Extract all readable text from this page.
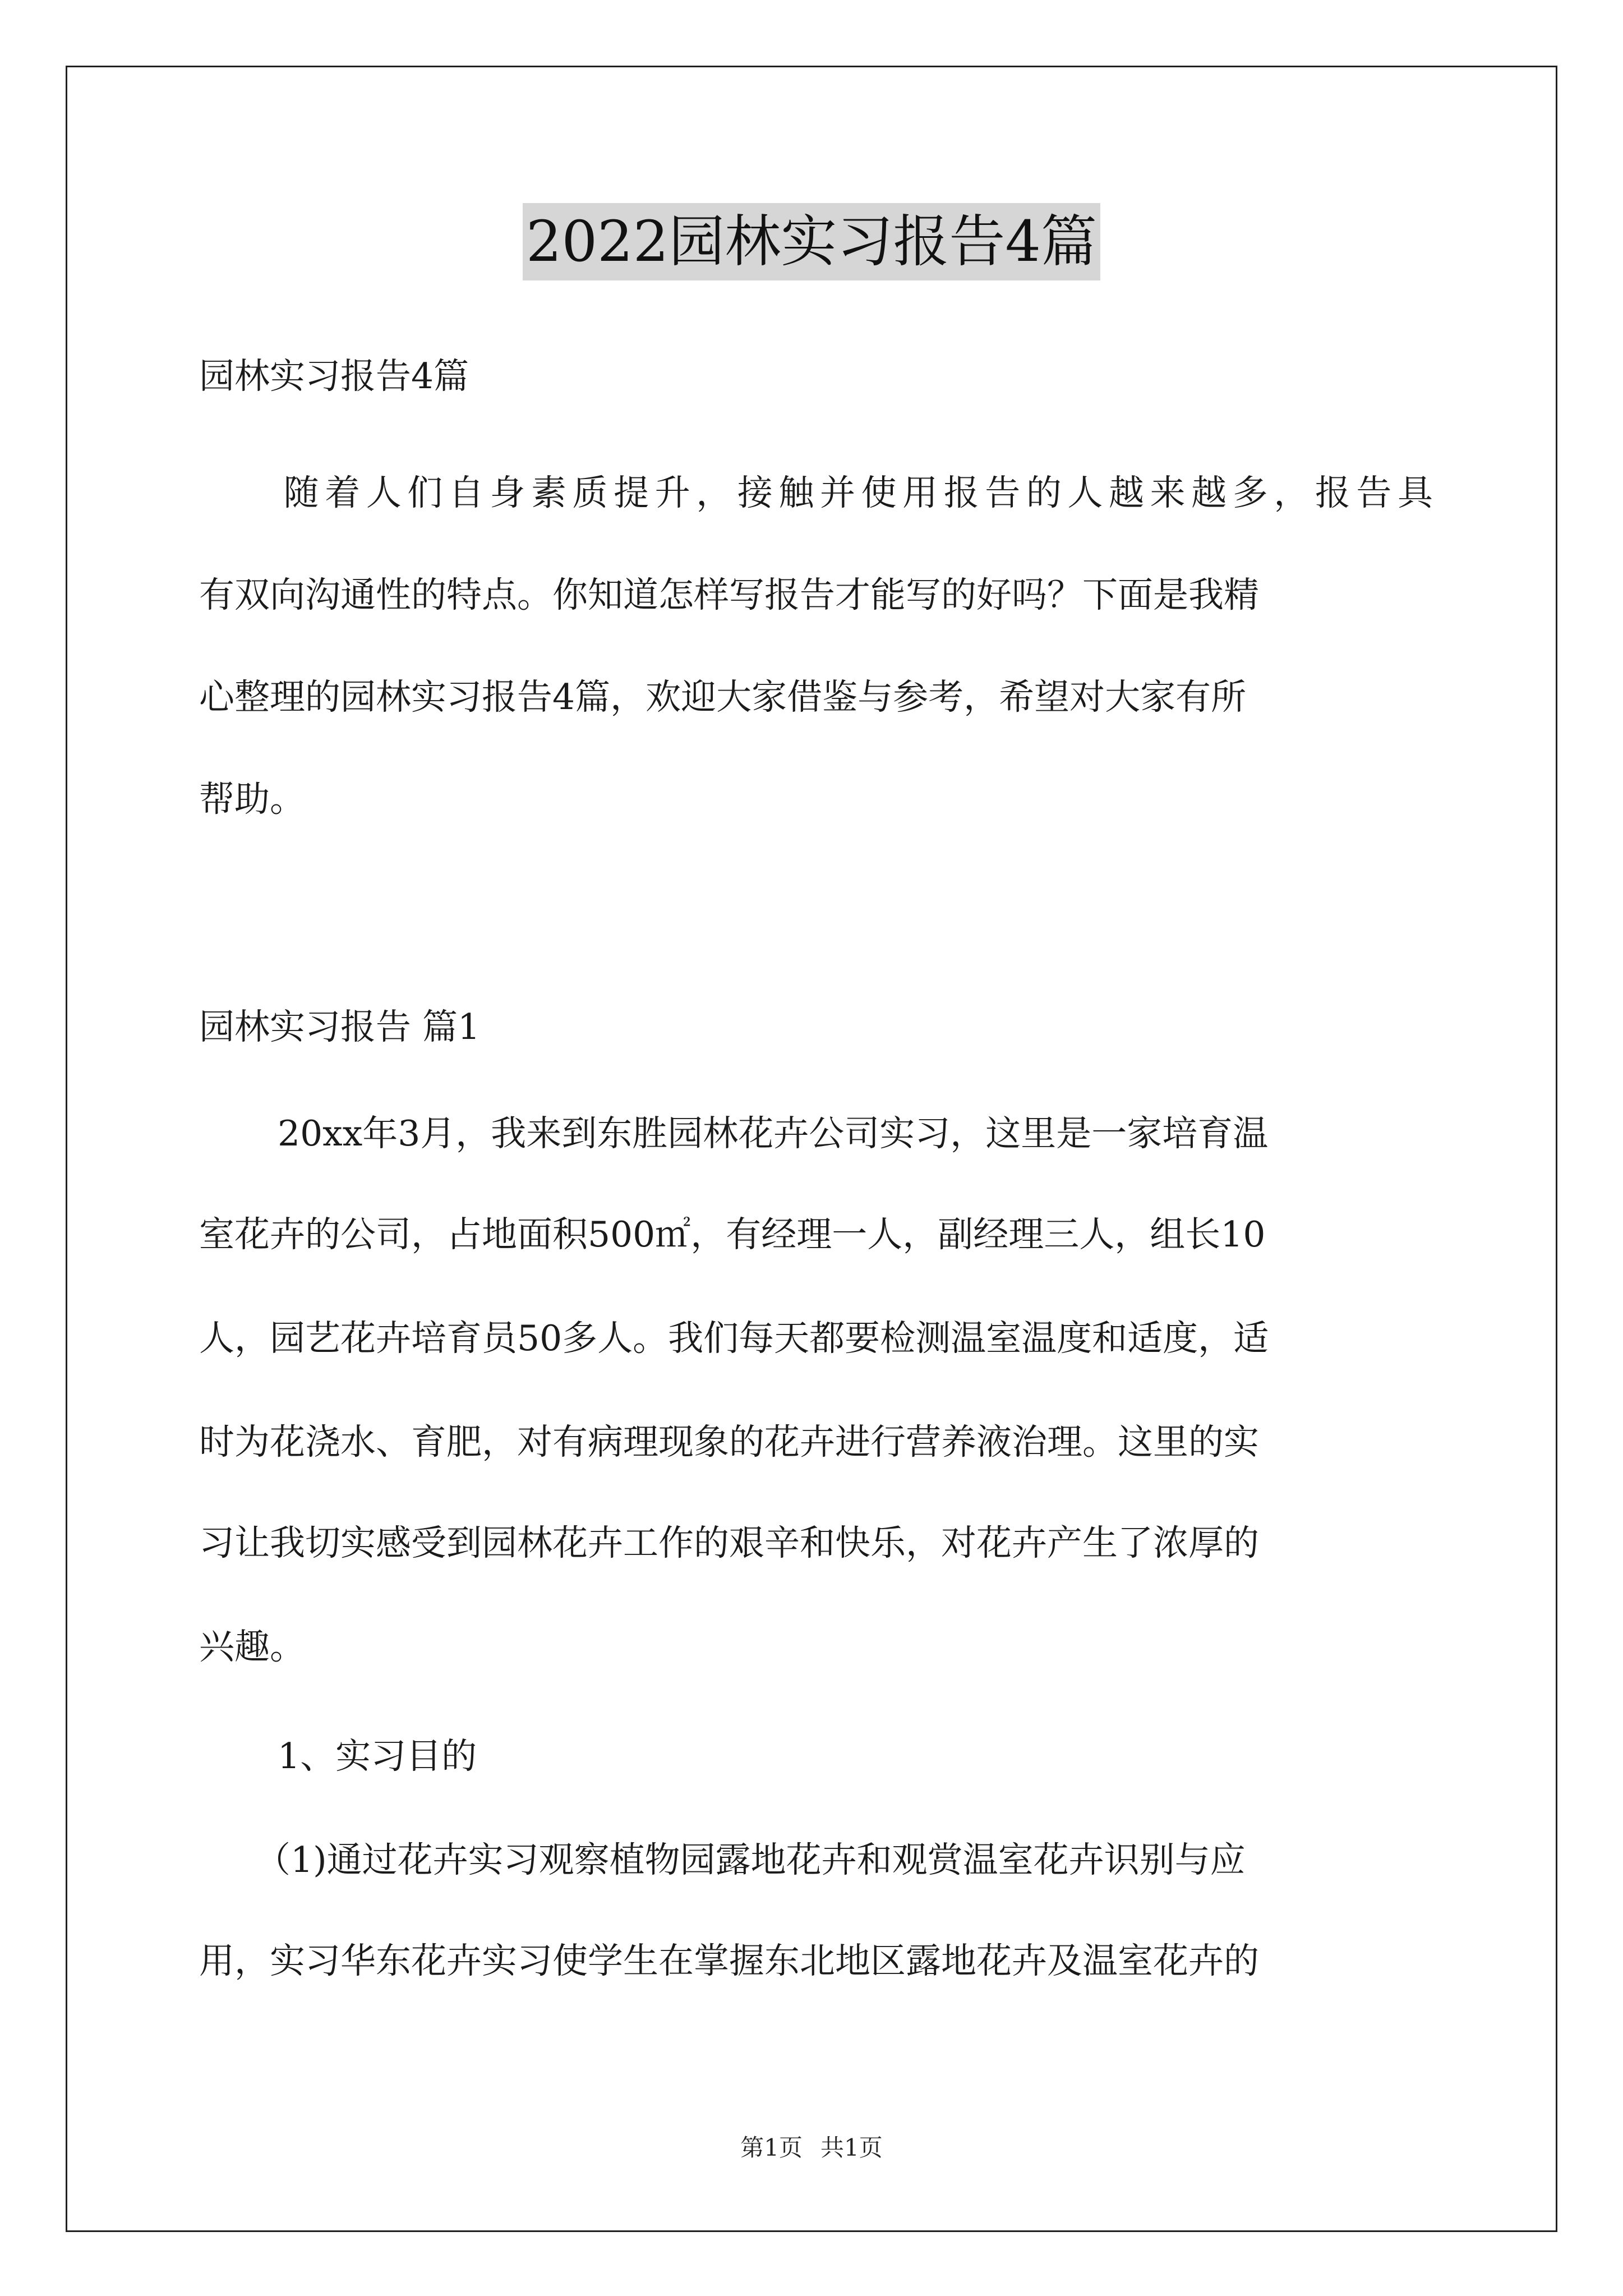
2022园林实习报告4篇
园林实习报告4篇
随着人们自身素质提升，接触并使用报告的人越来越多，报告具
有双向沟通性的特点。你知道怎样写报告才能写的好吗？下面是我精
心整理的园林实习报告4篇，欢迎大家借鉴与参考，希望对大家有所
帮助。
园林实习报告 篇1
20xx年3月，我来到东胜园林花卉公司实习，这里是一家培育温
室花卉的公司，占地面积500㎡，有经理一人，副经理三人，组长10
人，园艺花卉培育员50多人。我们每天都要检测温室温度和适度，适
时为花浇水、育肥，对有病理现象的花卉进行营养液治理。这里的实
习让我切实感受到园林花卉工作的艰辛和快乐，对花卉产生了浓厚的
兴趣。
1、实习目的
（1)通过花卉实习观察植物园露地花卉和观赏温室花卉识别与应
用，实习华东花卉实习使学生在掌握东北地区露地花卉及温室花卉的
第1页 共1页
